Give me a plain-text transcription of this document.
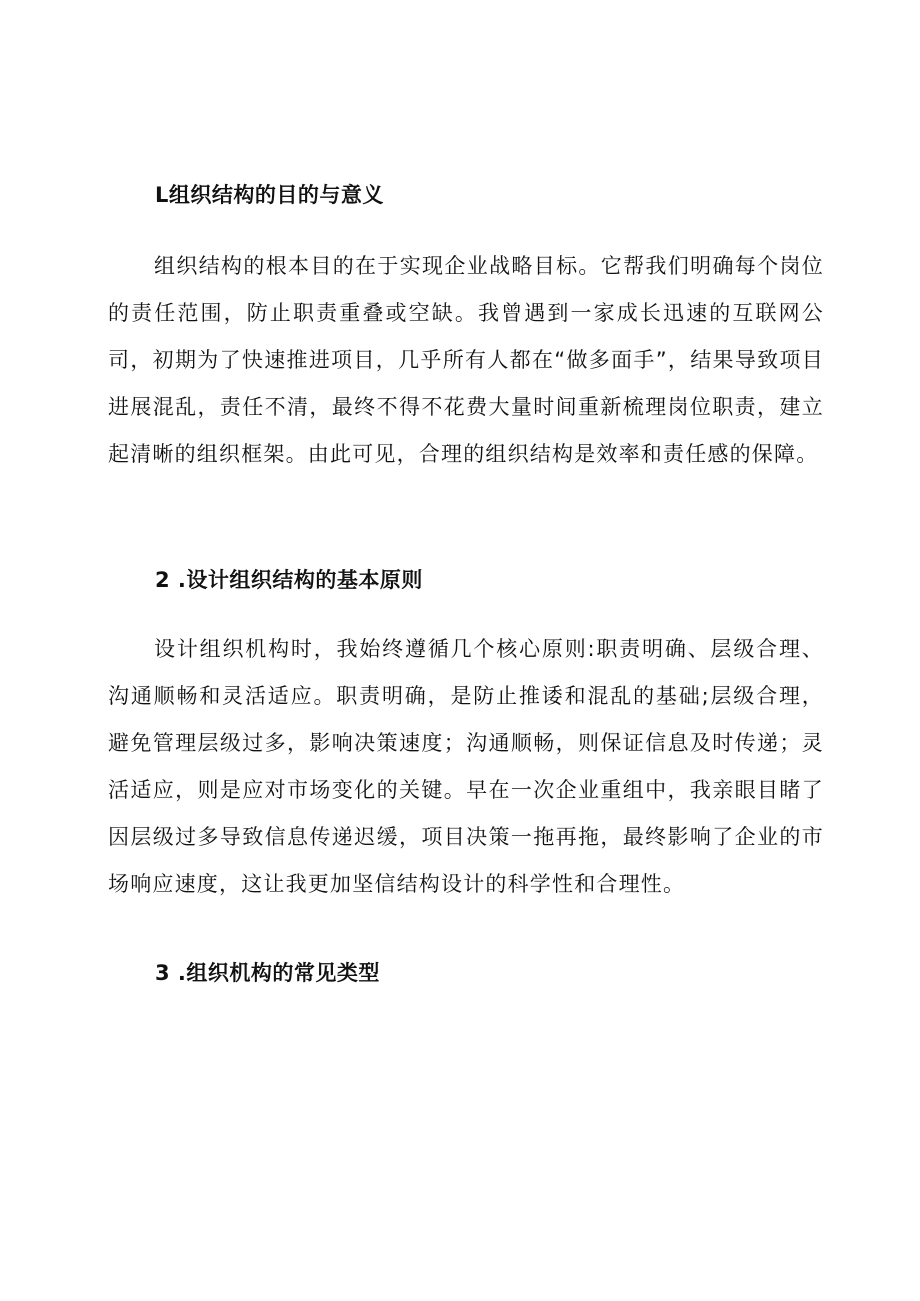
L组织结构的目的与意义

组织结构的根本目的在于实现企业战略目标。它帮我们明确每个岗位的责任范围，防止职责重叠或空缺。我曾遇到一家成长迅速的互联网公司，初期为了快速推进项目，几乎所有人都在“做多面手”，结果导致项目进展混乱，责任不清，最终不得不花费大量时间重新梳理岗位职责，建立起清晰的组织框架。由此可见，合理的组织结构是效率和责任感的保障。

2 .设计组织结构的基本原则

设计组织机构时，我始终遵循几个核心原则:职责明确、层级合理、沟通顺畅和灵活适应。职责明确，是防止推诿和混乱的基础;层级合理，避免管理层级过多，影响决策速度；沟通顺畅，则保证信息及时传递；灵活适应，则是应对市场变化的关键。早在一次企业重组中，我亲眼目睹了因层级过多导致信息传递迟缓，项目决策一拖再拖，最终影响了企业的市场响应速度，这让我更加坚信结构设计的科学性和合理性。

3 .组织机构的常见类型
